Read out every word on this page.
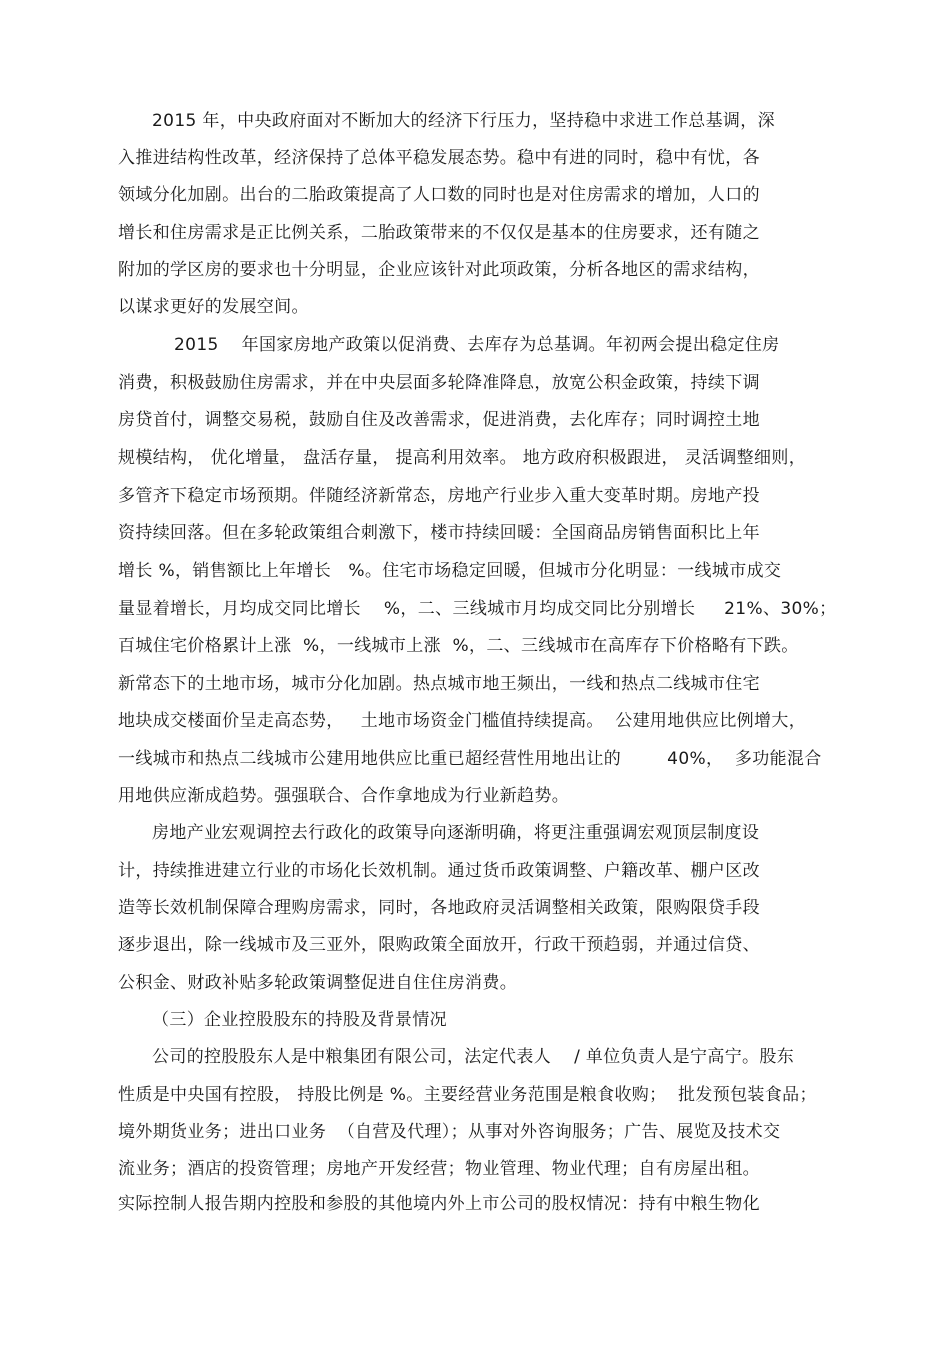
2015 年，中央政府面对不断加大的经济下行压力，坚持稳中求进工作总基调，深
入推进结构性改革，经济保持了总体平稳发展态势。稳中有进的同时，稳中有忧，各
领域分化加剧。出台的二胎政策提高了人口数的同时也是对住房需求的增加，人口的
增长和住房需求是正比例关系，二胎政策带来的不仅仅是基本的住房要求，还有随之
附加的学区房的要求也十分明显，企业应该针对此项政策，分析各地区的需求结构，
以谋求更好的发展空间。
2015    年国家房地产政策以促消费、去库存为总基调。年初两会提出稳定住房
消费，积极鼓励住房需求，并在中央层面多轮降准降息，放宽公积金政策，持续下调
房贷首付，调整交易税，鼓励自住及改善需求，促进消费，去化库存；同时调控土地
规模结构， 优化增量， 盘活存量， 提高利用效率。 地方政府积极跟进， 灵活调整细则，
多管齐下稳定市场预期。伴随经济新常态，房地产行业步入重大变革时期。房地产投
资持续回落。但在多轮政策组合刺激下，楼市持续回暖：全国商品房销售面积比上年
增长 %，销售额比上年增长   %。住宅市场稳定回暖，但城市分化明显：一线城市成交
量显着增长，月均成交同比增长    %，二、三线城市月均成交同比分别增长     21%、30%；
百城住宅价格累计上涨  %，一线城市上涨  %，二、三线城市在高库存下价格略有下跌。
新常态下的土地市场，城市分化加剧。热点城市地王频出，一线和热点二线城市住宅
地块成交楼面价呈走高态势，   土地市场资金门槛值持续提高。  公建用地供应比例增大，
一线城市和热点二线城市公建用地供应比重已超经营性用地出让的        40%，  多功能混合
用地供应渐成趋势。强强联合、合作拿地成为行业新趋势。
房地产业宏观调控去行政化的政策导向逐渐明确，将更注重强调宏观顶层制度设
计，持续推进建立行业的市场化长效机制。通过货币政策调整、户籍改革、棚户区改
造等长效机制保障合理购房需求，同时，各地政府灵活调整相关政策，限购限贷手段
逐步退出，除一线城市及三亚外，限购政策全面放开，行政干预趋弱，并通过信贷、
公积金、财政补贴多轮政策调整促进自住住房消费。
（三）企业控股股东的持股及背景情况
公司的控股股东人是中粮集团有限公司，法定代表人    / 单位负责人是宁高宁。股东
性质是中央国有控股， 持股比例是 %。主要经营业务范围是粮食收购；  批发预包装食品；
境外期货业务；进出口业务  （自营及代理）；从事对外咨询服务；广告、展览及技术交
流业务；酒店的投资管理；房地产开发经营；物业管理、物业代理；自有房屋出租。
实际控制人报告期内控股和参股的其他境内外上市公司的股权情况：持有中粮生物化
